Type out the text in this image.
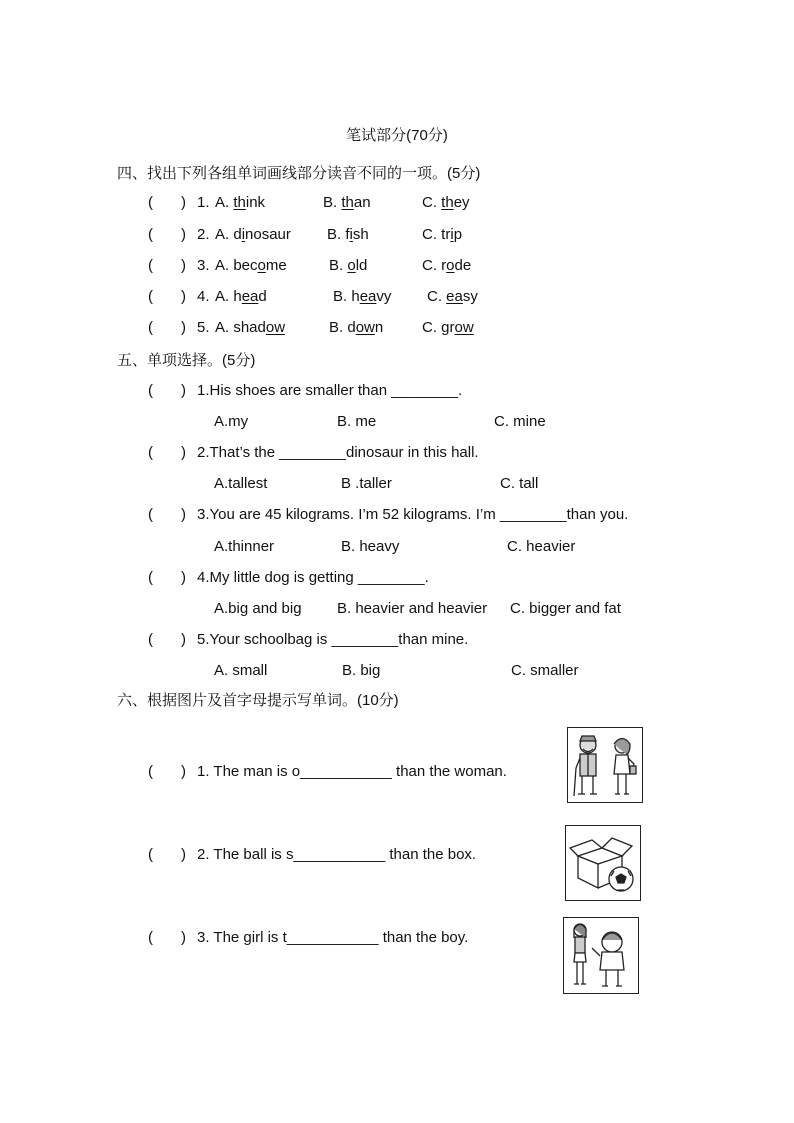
笔试部分(70分)
四、找出下列各组单词画线部分读音不同的一项。(5分)
( ) 1. A. think	B. than	C. they
( ) 2. A. dinosaur B. fish	C. trip
( ) 3. A. become	B. old	C. rode
( ) 4. A. head	B. heavy C. easy
( ) 5. A. shadow	B. down	C. grow
五、单项选择。(5分)
( ) 1.His shoes are smaller than ________.
A.my	B. me	C. mine
( ) 2.That’s the ________dinosaur in this hall.
A.tallest	B .taller	C. tall
( ) 3.You are 45 kilograms. I’m 52 kilograms. I’m ________than you.
A.thinner	B. heavy	C. heavier
( ) 4.My little dog is getting ________.
A.big and big B. heavier and heavier C. bigger and fat
( ) 5.Your schoolbag is ________than mine.
A. small	B. big	C. smaller
六、根据图片及首字母提示写单词。(10分)
( ) 1. The man is o___________ than the woman.
( ) 2. The ball is s___________ than the box.
( ) 3. The girl is t___________ than the boy.
